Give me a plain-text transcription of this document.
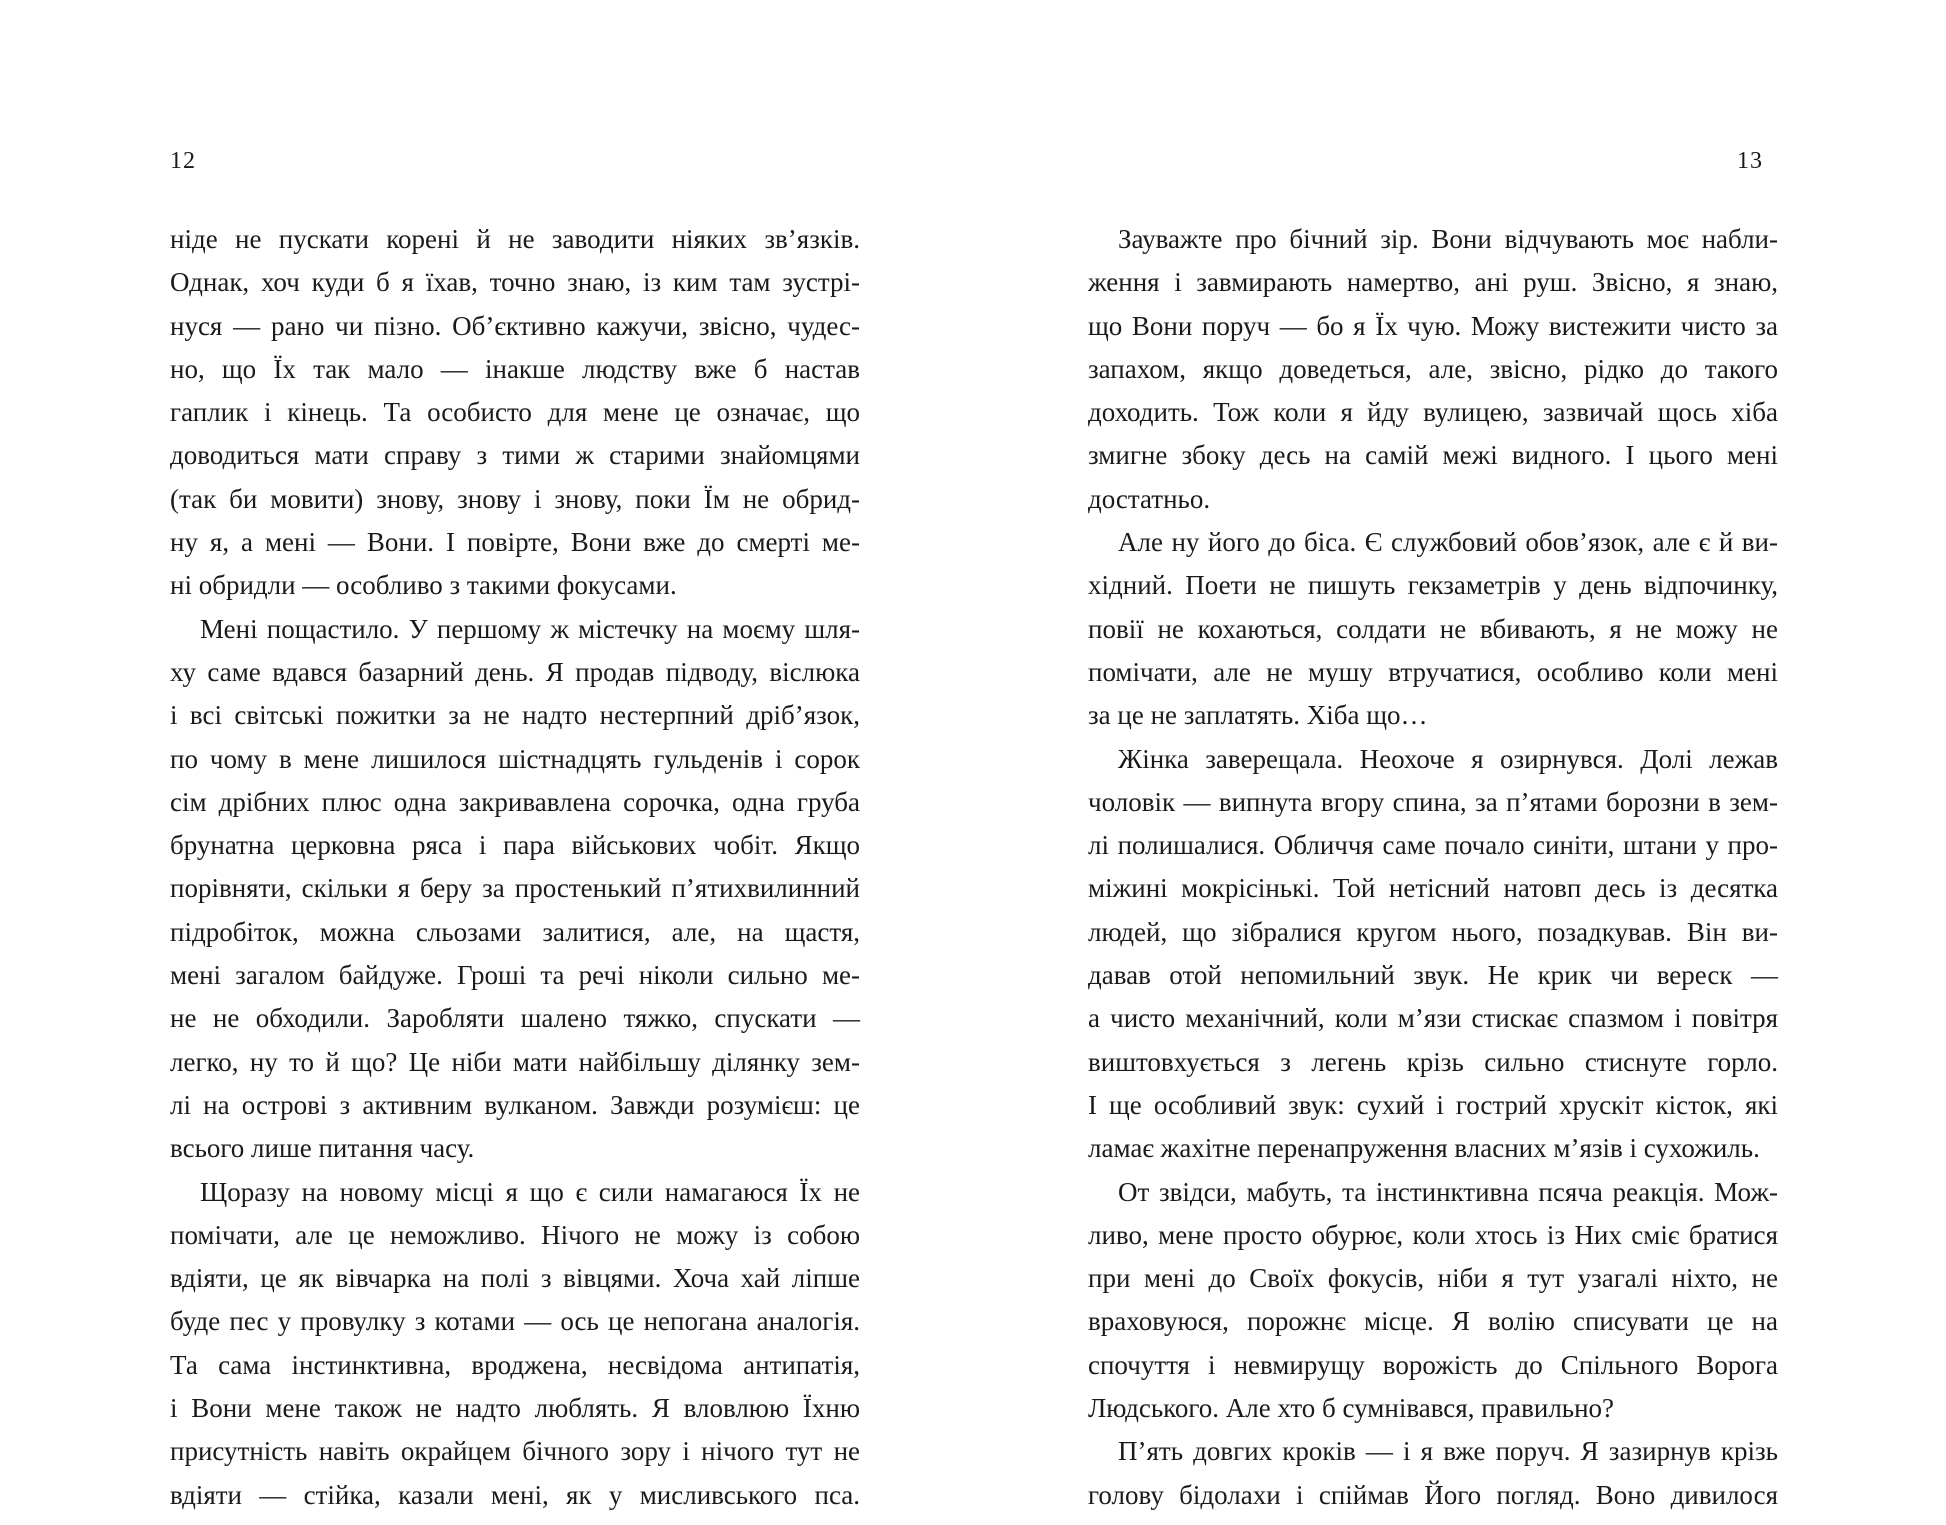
12
ніде не пускати корені й не заводити ніяких зв’язків.
Однак, хоч куди б я їхав, точно знаю, із ким там зустрі-
нуся — рано чи пізно. Об’єктивно кажучи, звісно, чудес-
но, що Їх так мало — інакше людству вже б настав
гаплик і кінець. Та особисто для мене це означає, що
доводиться мати справу з тими ж старими знайомцями
(так би мовити) знову, знову і знову, поки Їм не обрид-
ну я, а мені — Вони. І повірте, Вони вже до смерті ме-
ні обридли — особливо з такими фокусами.
Мені пощастило. У першому ж містечку на моєму шля-
ху саме вдався базарний день. Я продав підводу, віслюка
і всі світські пожитки за не надто нестерпний дріб’язок,
по чому в мене лишилося шістнадцять гульденів і сорок
сім дрібних плюс одна закривавлена сорочка, одна груба
брунатна церковна ряса і пара військових чобіт. Якщо
порівняти, скільки я беру за простенький п’ятихвилинний
підробіток, можна сльозами залитися, але, на щастя,
мені загалом байдуже. Гроші та речі ніколи сильно ме-
не не обходили. Заробляти шалено тяжко, спускати —
легко, ну то й що? Це ніби мати найбільшу ділянку зем-
лі на острові з активним вулканом. Завжди розумієш: це
всього лише питання часу.
Щоразу на новому місці я що є сили намагаюся Їх не
помічати, але це неможливо. Нічого не можу із собою
вдіяти, це як вівчарка на полі з вівцями. Хоча хай ліпше
буде пес у провулку з котами — ось це непогана аналогія.
Та сама інстинктивна, вроджена, несвідома антипатія,
і Вони мене також не надто люблять. Я вловлюю Їхню
присутність навіть окрайцем бічного зору і нічого тут не
вдіяти — стійка, казали мені, як у мисливського пса.
13
Зауважте про бічний зір. Вони відчувають моє набли-
ження і завмирають намертво, ані руш. Звісно, я знаю,
що Вони поруч — бо я Їх чую. Можу вистежити чисто за
запахом, якщо доведеться, але, звісно, рідко до такого
доходить. Тож коли я йду вулицею, зазвичай щось хіба
змигне збоку десь на самій межі видного. І цього мені
достатньо.
Але ну його до біса. Є службовий обов’язок, але є й ви-
хідний. Поети не пишуть гекзаметрів у день відпочинку,
повії не кохаються, солдати не вбивають, я не можу не
помічати, але не мушу втручатися, особливо коли мені
за це не заплатять. Хіба що…
Жінка заверещала. Неохоче я озирнувся. Долі лежав
чоловік — випнута вгору спина, за п’ятами борозни в зем-
лі полишалися. Обличчя саме почало синіти, штани у про-
міжині мокрісінькі. Той нетісний натовп десь із десятка
людей, що зібралися кругом нього, позадкував. Він ви-
давав отой непомильний звук. Не крик чи вереск —
а чисто механічний, коли м’язи стискає спазмом і повітря
виштовхується з легень крізь сильно стиснуте горло.
І ще особливий звук: сухий і гострий хрускіт кісток, які
ламає жахітне перенапруження власних м’язів і сухожиль.
От звідси, мабуть, та інстинктивна псяча реакція. Мож-
ливо, мене просто обурює, коли хтось із Них сміє братися
при мені до Своїх фокусів, ніби я тут узагалі ніхто, не
враховуюся, порожнє місце. Я волію списувати це на
спочуття і невмирущу ворожість до Спільного Ворога
Людського. Але хто б сумнівався, правильно?
П’ять довгих кроків — і я вже поруч. Я зазирнув крізь
голову бідолахи і спіймав Його погляд. Воно дивилося
